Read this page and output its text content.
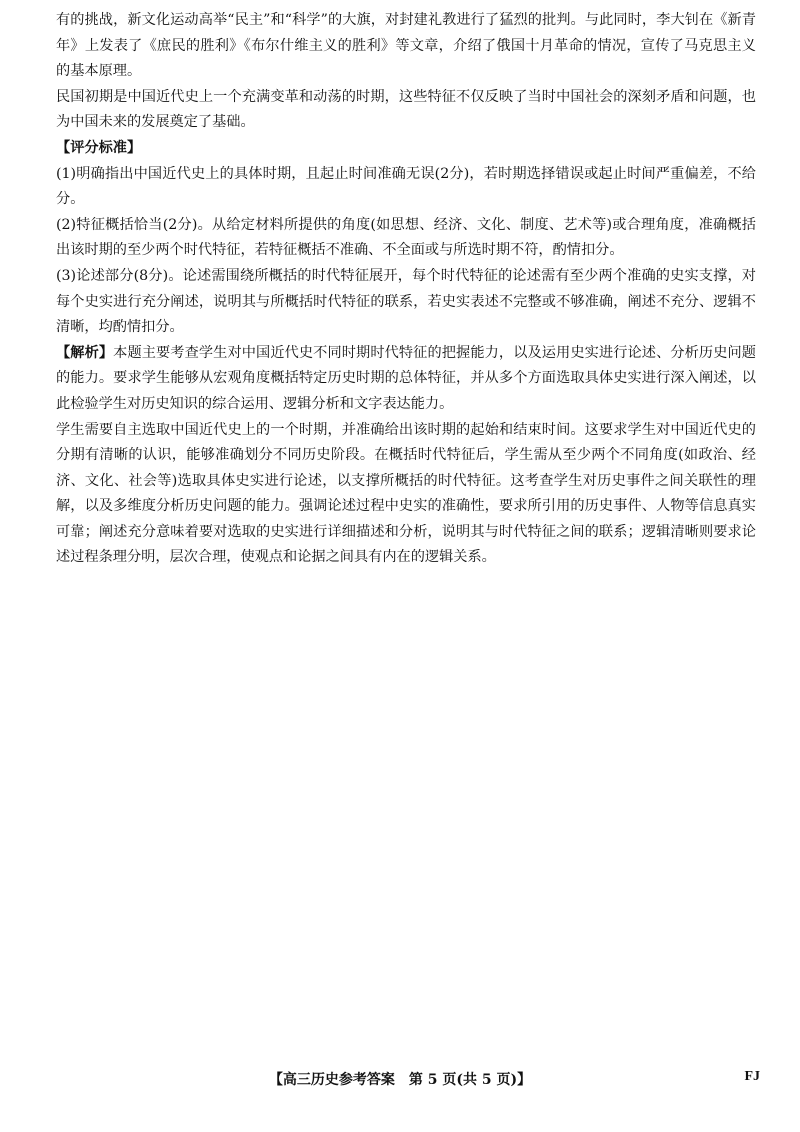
有的挑战，新文化运动高举“民主”和“科学”的大旗，对封建礼教进行了猛烈的批判。与此同时，李大钊在《新青年》上发表了《庶民的胜利》《布尔什维主义的胜利》等文章，介绍了俄国十月革命的情况，宣传了马克思主义的基本原理。

民国初期是中国近代史上一个充满变革和动荡的时期，这些特征不仅反映了当时中国社会的深刻矛盾和问题，也为中国未来的发展奠定了基础。

【评分标准】

(1)明确指出中国近代史上的具体时期，且起止时间准确无误(2分)，若时期选择错误或起止时间严重偏差，不给分。

(2)特征概括恰当(2分)。从给定材料所提供的角度(如思想、经济、文化、制度、艺术等)或合理角度，准确概括出该时期的至少两个时代特征，若特征概括不准确、不全面或与所选时期不符，酌情扣分。

(3)论述部分(8分)。论述需围绕所概括的时代特征展开，每个时代特征的论述需有至少两个准确的史实支撑，对每个史实进行充分阐述，说明其与所概括时代特征的联系，若史实表述不完整或不够准确，阐述不充分、逻辑不清晰，均酌情扣分。

【解析】本题主要考查学生对中国近代史不同时期时代特征的把握能力，以及运用史实进行论述、分析历史问题的能力。要求学生能够从宏观角度概括特定历史时期的总体特征，并从多个方面选取具体史实进行深入阐述，以此检验学生对历史知识的综合运用、逻辑分析和文字表达能力。

学生需要自主选取中国近代史上的一个时期，并准确给出该时期的起始和结束时间。这要求学生对中国近代史的分期有清晰的认识，能够准确划分不同历史阶段。在概括时代特征后，学生需从至少两个不同角度(如政治、经济、文化、社会等)选取具体史实进行论述，以支撑所概括的时代特征。这考查学生对历史事件之间关联性的理解，以及多维度分析历史问题的能力。强调论述过程中史实的准确性，要求所引用的历史事件、人物等信息真实可靠；阐述充分意味着要对选取的史实进行详细描述和分析，说明其与时代特征之间的联系；逻辑清晰则要求论述过程条理分明，层次合理，使观点和论据之间具有内在的逻辑关系。

【高三历史参考答案　第 5 页(共 5 页)】	FJ
